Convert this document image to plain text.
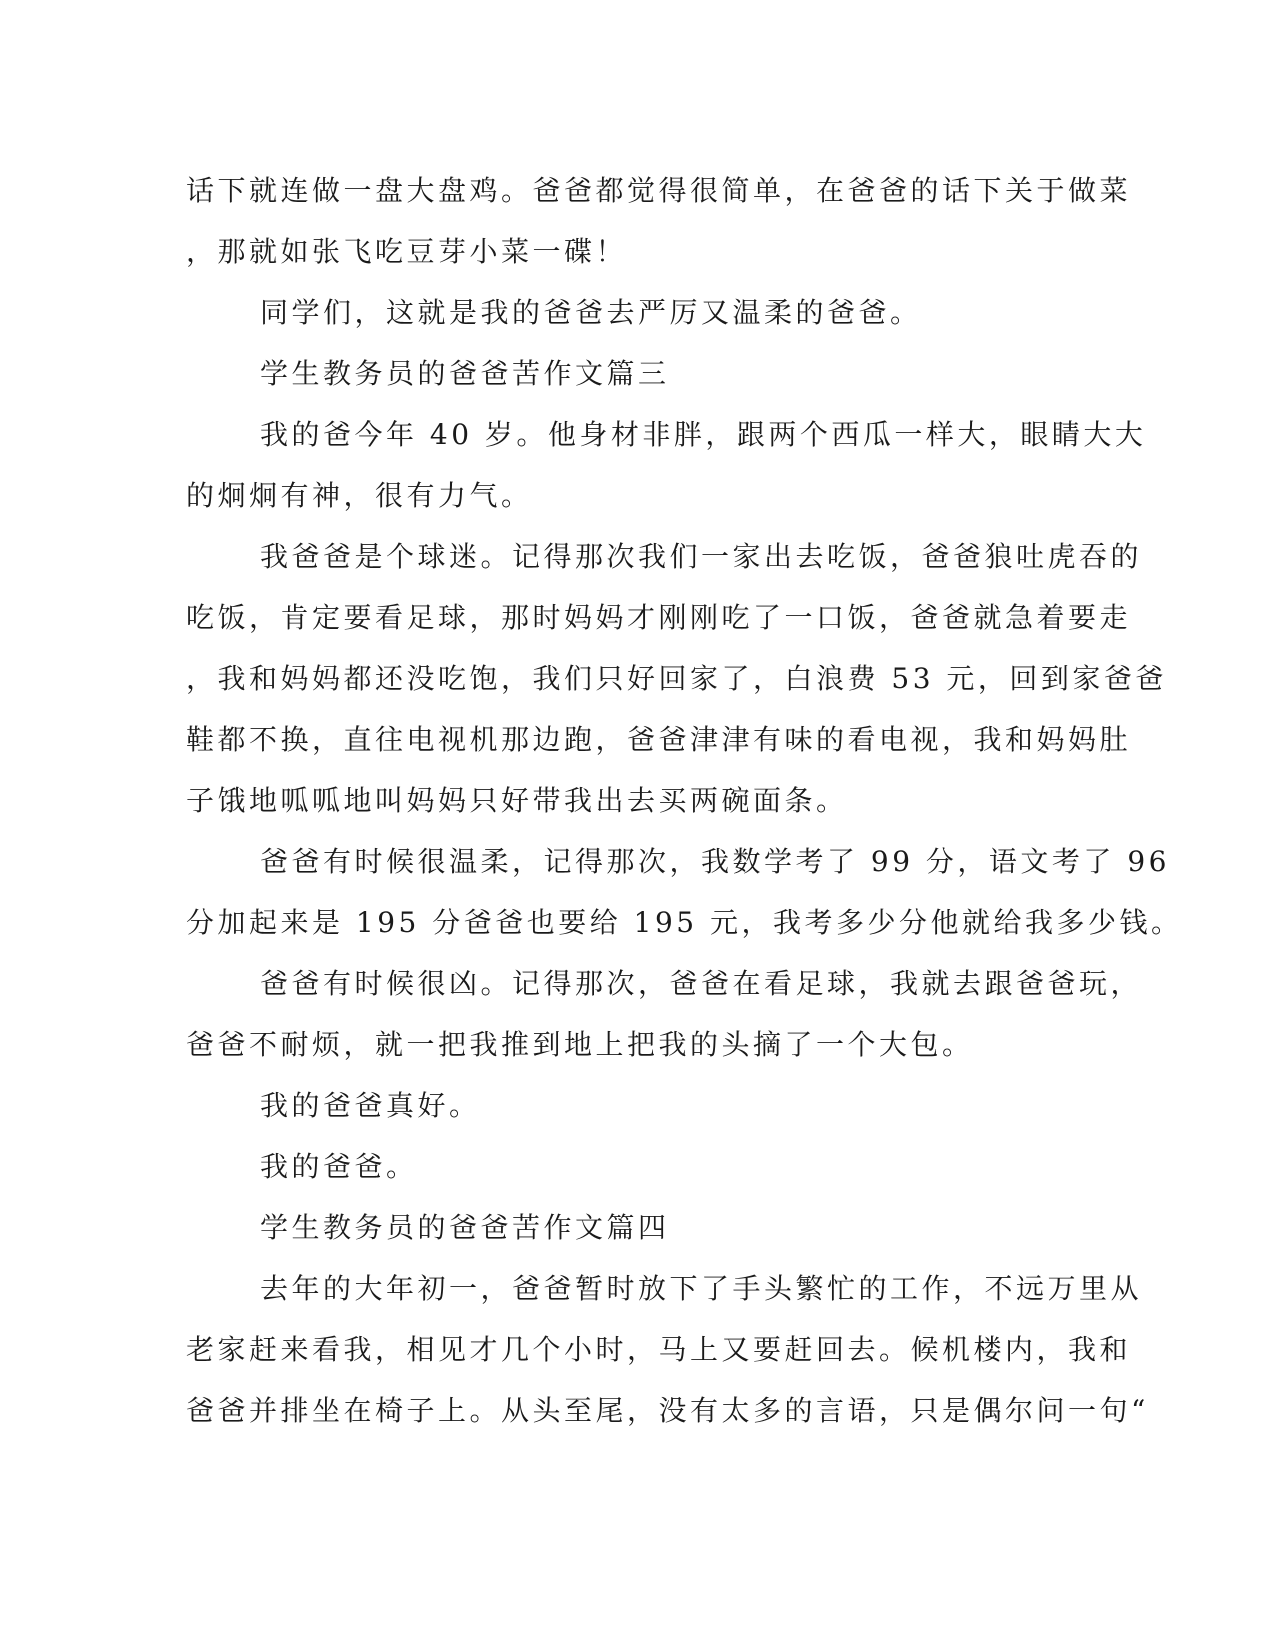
话下就连做一盘大盘鸡。爸爸都觉得很简单，在爸爸的话下关于做菜
，那就如张飞吃豆芽小菜一碟！
同学们，这就是我的爸爸去严厉又温柔的爸爸。
学生教务员的爸爸苦作文篇三
我的爸今年 40 岁。他身材非胖，跟两个西瓜一样大，眼睛大大
的炯炯有神，很有力气。
我爸爸是个球迷。记得那次我们一家出去吃饭，爸爸狼吐虎吞的
吃饭，肯定要看足球，那时妈妈才刚刚吃了一口饭，爸爸就急着要走
，我和妈妈都还没吃饱，我们只好回家了，白浪费 53 元，回到家爸爸
鞋都不换，直往电视机那边跑，爸爸津津有味的看电视，我和妈妈肚
子饿地呱呱地叫妈妈只好带我出去买两碗面条。
爸爸有时候很温柔，记得那次，我数学考了 99 分，语文考了 96
分加起来是 195 分爸爸也要给 195 元，我考多少分他就给我多少钱。
爸爸有时候很凶。记得那次，爸爸在看足球，我就去跟爸爸玩，
爸爸不耐烦，就一把我推到地上把我的头摘了一个大包。
我的爸爸真好。
我的爸爸。
学生教务员的爸爸苦作文篇四
去年的大年初一，爸爸暂时放下了手头繁忙的工作，不远万里从
老家赶来看我，相见才几个小时，马上又要赶回去。候机楼内，我和
爸爸并排坐在椅子上。从头至尾，没有太多的言语，只是偶尔问一句“
